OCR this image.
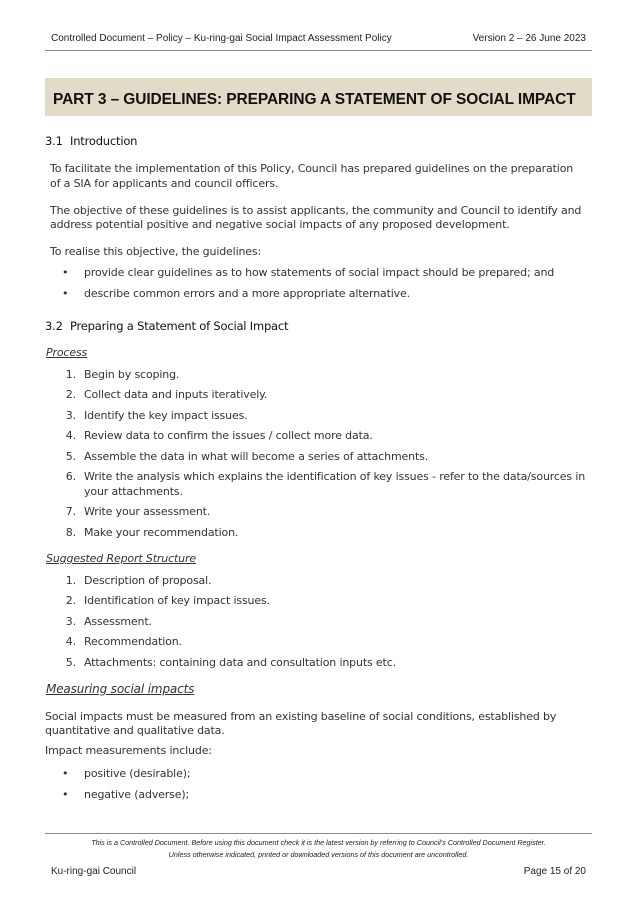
Controlled Document – Policy – Ku-ring-gai Social Impact Assessment Policy	Version 2 – 26 June 2023
PART 3 – GUIDELINES: PREPARING A STATEMENT OF SOCIAL IMPACT
3.1 Introduction
To facilitate the implementation of this Policy, Council has prepared guidelines on the preparation
of a SIA for applicants and council officers.
The objective of these guidelines is to assist applicants, the community and Council to identify and
address potential positive and negative social impacts of any proposed development.
To realise this objective, the guidelines:
• provide clear guidelines as to how statements of social impact should be prepared; and
• describe common errors and a more appropriate alternative.
3.2 Preparing a Statement of Social Impact
Process
1. Begin by scoping.
2. Collect data and inputs iteratively.
3. Identify the key impact issues.
4. Review data to confirm the issues / collect more data.
5. Assemble the data in what will become a series of attachments.
6. Write the analysis which explains the identification of key issues - refer to the data/sources in
your attachments.
7. Write your assessment.
8. Make your recommendation.
Suggested Report Structure
1. Description of proposal.
2. Identification of key impact issues.
3. Assessment.
4. Recommendation.
5. Attachments: containing data and consultation inputs etc.
Measuring social impacts
Social impacts must be measured from an existing baseline of social conditions, established by
quantitative and qualitative data.
Impact measurements include:
• positive (desirable);
• negative (adverse);
This is a Controlled Document. Before using this document check it is the latest version by referring to Council’s Controlled Document Register.
Unless otherwise indicated, printed or downloaded versions of this document are uncontrolled.
Ku-ring-gai Council	Page 15 of 20
